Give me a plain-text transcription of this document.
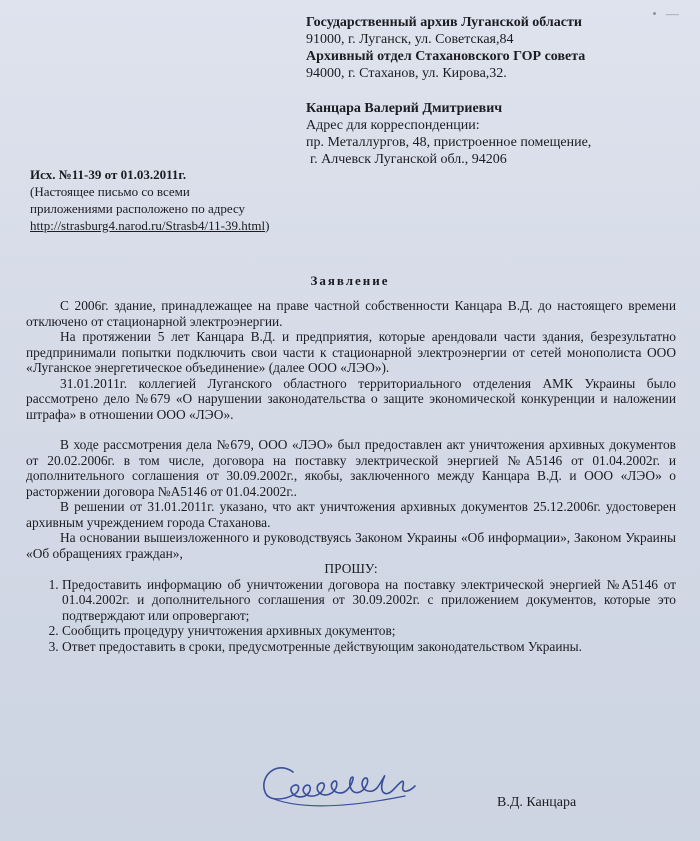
• —
Государственный архив Луганской области
91000, г. Луганск, ул. Советская,84
Архивный отдел Стахановского ГОР совета
94000, г. Стаханов, ул. Кирова,32.
Канцара Валерий Дмитриевич
Адрес для корреспонденции:
пр. Металлургов, 48, пристроенное помещение,
г. Алчевск Луганской обл., 94206
Исх. №11-39 от 01.03.2011г.
(Настоящее письмо со всеми
приложениями расположено по адресу
http://strasburg4.narod.ru/Strasb4/11-39.html)
Заявление

С 2006г. здание, принадлежащее на праве частной собственности Канцара В.Д. до настоящего времени отключено от стационарной электроэнергии.

На протяжении 5 лет Канцара В.Д. и предприятия, которые арендовали части здания, безрезультатно предпринимали попытки подключить свои части к стационарной электроэнергии от сетей монополиста ООО «Луганское энергетическое объединение» (далее ООО «ЛЭО»).

31.01.2011г. коллегией Луганского областного территориального отделения АМК Украины было рассмотрено дело №679 «О нарушении законодательства о защите экономической конкуренции и наложении штрафа» в отношении ООО «ЛЭО».

В ходе рассмотрения дела №679, ООО «ЛЭО» был предоставлен акт уничтожения архивных документов от 20.02.2006г. в том числе, договора на поставку электрической энергией №А5146 от 01.04.2002г. и дополнительного соглашения от 30.09.2002г., якобы, заключенного между Канцара В.Д. и ООО «ЛЭО» о расторжении договора №А5146 от 01.04.2002г..

В решении от 31.01.2011г. указано, что акт уничтожения архивных документов 25.12.2006г. удостоверен архивным учреждением города Стаханова.

На основании вышеизложенного и руководствуясь Законом Украины «Об информации», Законом Украины «Об обращениях граждан»,

ПРОШУ:

1. Предоставить информацию об уничтожении договора на поставку электрической энергией №А5146 от 01.04.2002г. и дополнительного соглашения от 30.09.2002г. с приложением документов, которые это подтверждают или опровергают;
2. Сообщить процедуру уничтожения архивных документов;
3. Ответ предоставить в сроки, предусмотренные действующим законодательством Украины.
В.Д. Канцара
